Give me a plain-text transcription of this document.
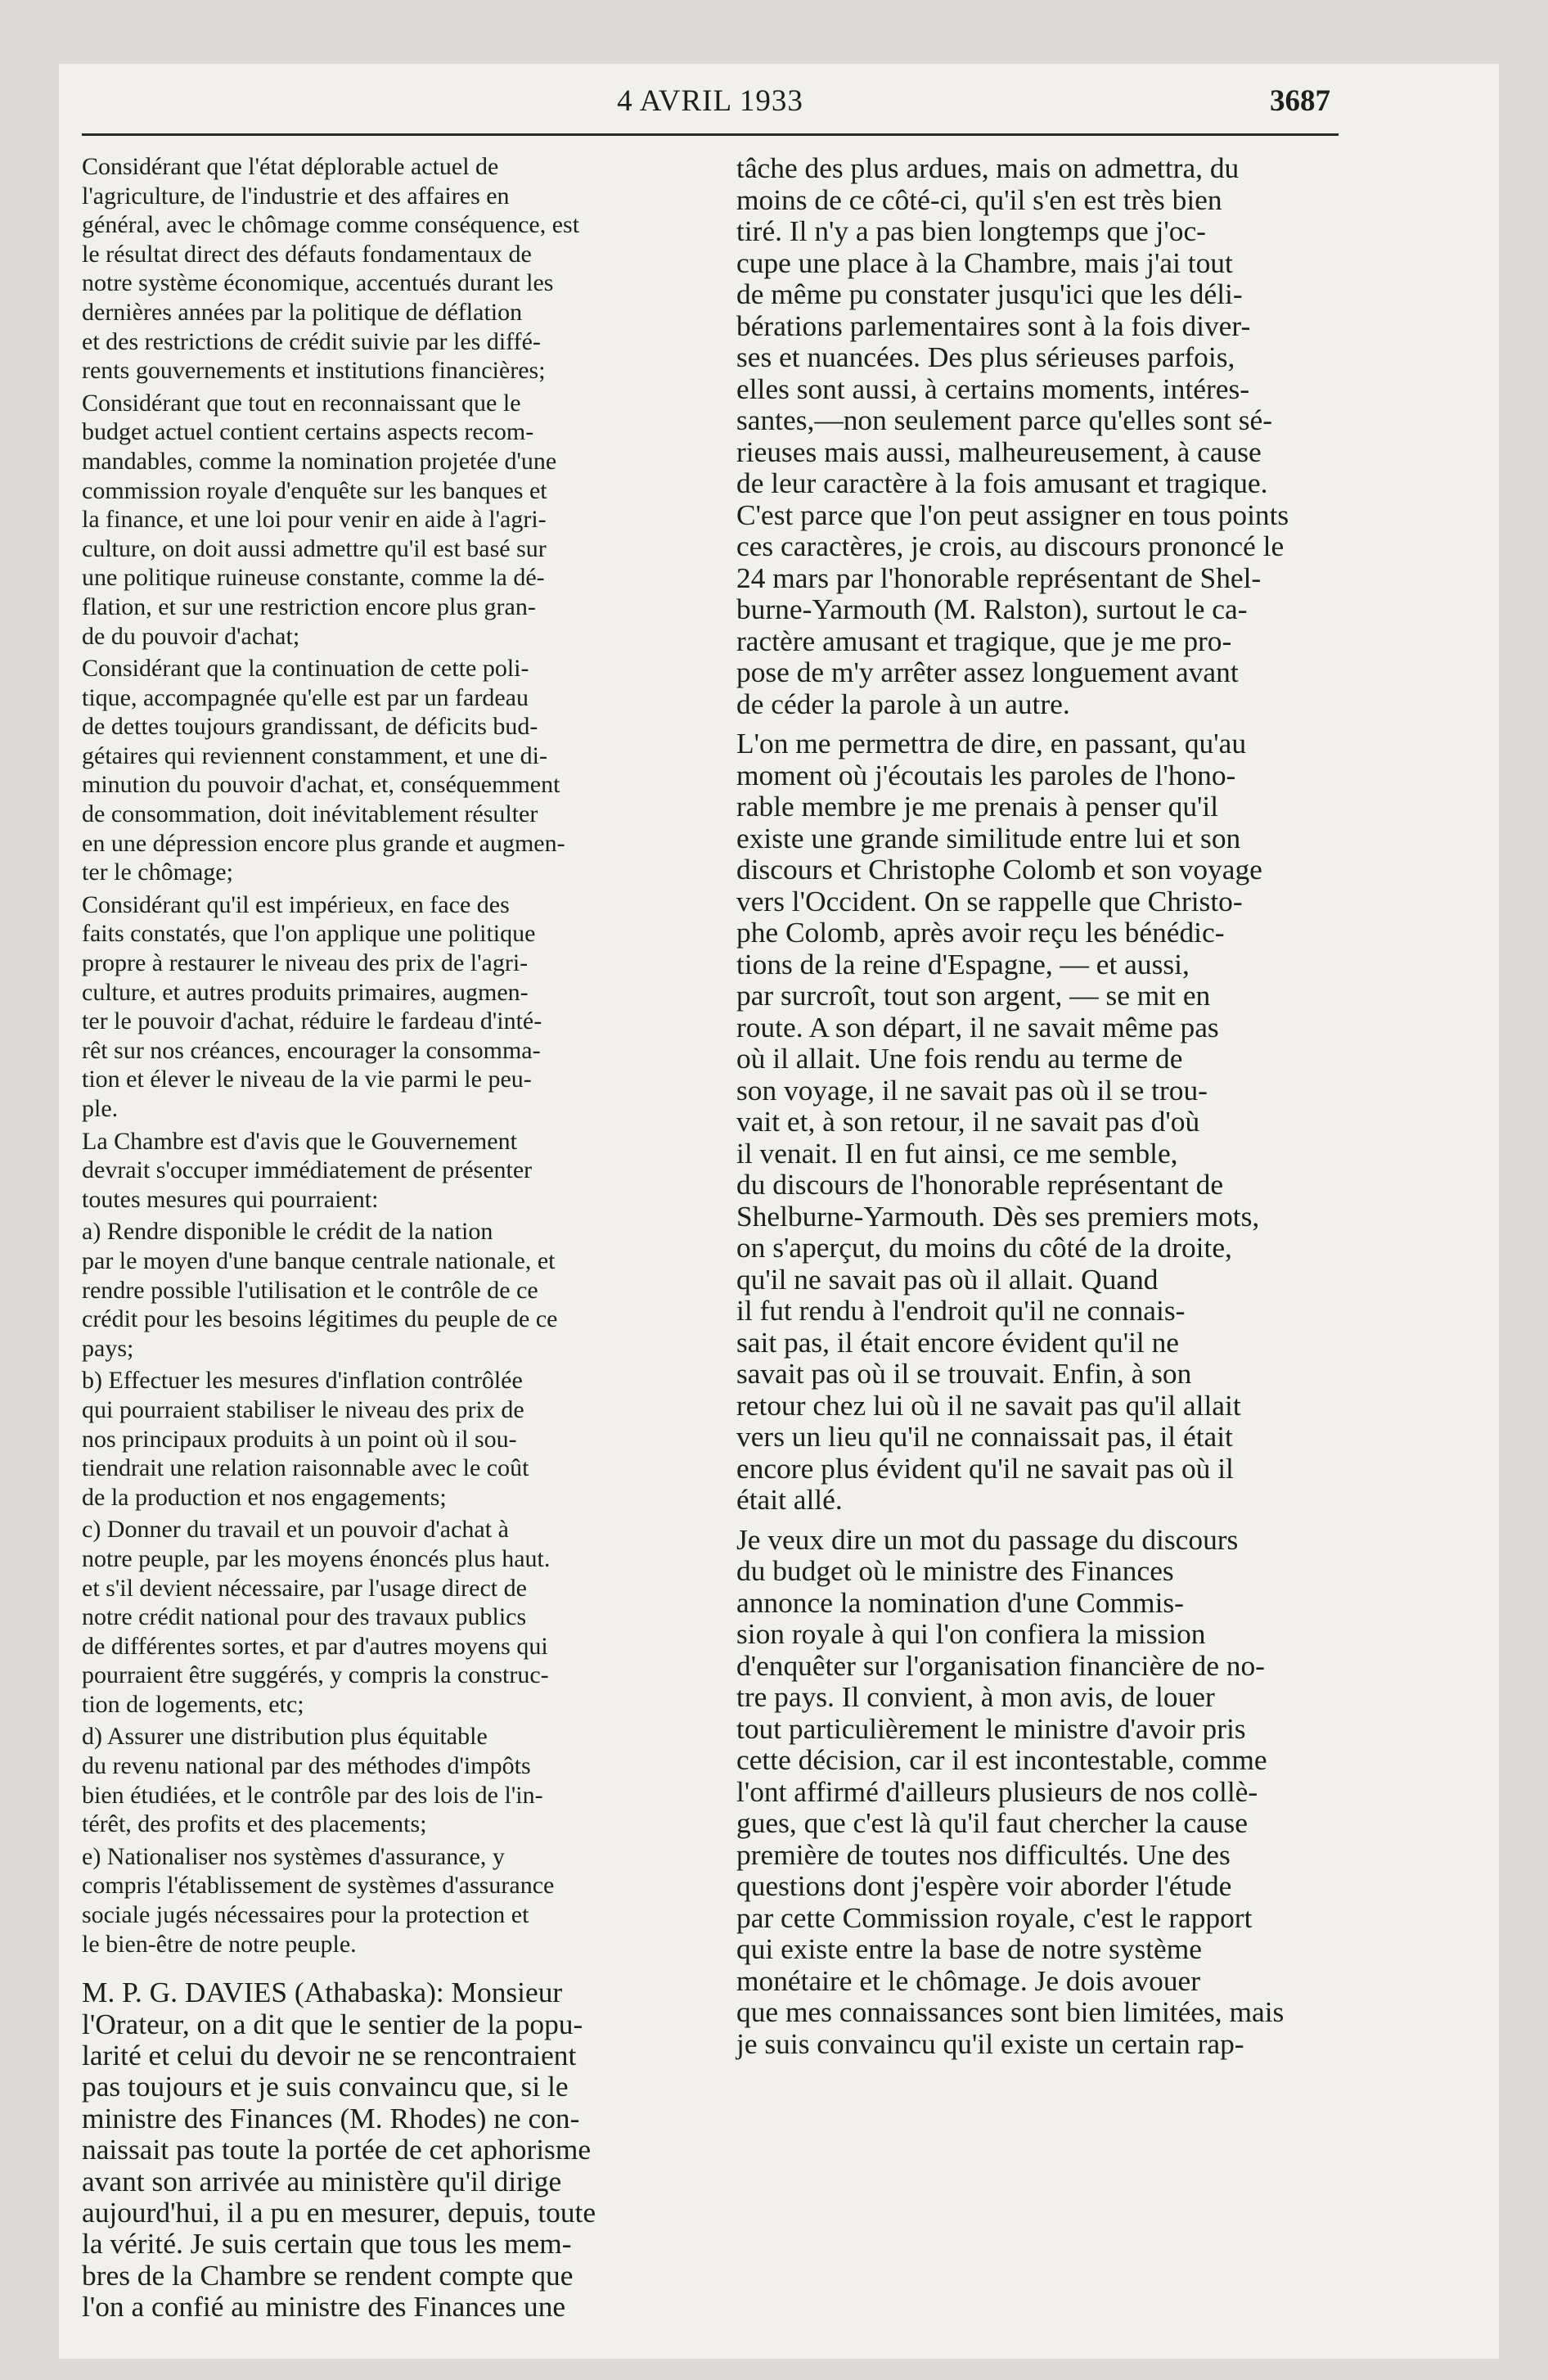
4 AVRIL 1933	3687
Considérant que l'état déplorable actuel de
l'agriculture, de l'industrie et des affaires en
général, avec le chômage comme conséquence, est
le résultat direct des défauts fondamentaux de
notre système économique, accentués durant les
dernières années par la politique de déflation
et des restrictions de crédit suivie par les diffé-
rents gouvernements et institutions financières;
Considérant que tout en reconnaissant que le
budget actuel contient certains aspects recom-
mandables, comme la nomination projetée d'une
commission royale d'enquête sur les banques et
la finance, et une loi pour venir en aide à l'agri-
culture, on doit aussi admettre qu'il est basé sur
une politique ruineuse constante, comme la dé-
flation, et sur une restriction encore plus gran-
de du pouvoir d'achat;
Considérant que la continuation de cette poli-
tique, accompagnée qu'elle est par un fardeau
de dettes toujours grandissant, de déficits bud-
gétaires qui reviennent constamment, et une di-
minution du pouvoir d'achat, et, conséquemment
de consommation, doit inévitablement résulter
en une dépression encore plus grande et augmen-
ter le chômage;
Considérant qu'il est impérieux, en face des
faits constatés, que l'on applique une politique
propre à restaurer le niveau des prix de l'agri-
culture, et autres produits primaires, augmen-
ter le pouvoir d'achat, réduire le fardeau d'inté-
rêt sur nos créances, encourager la consomma-
tion et élever le niveau de la vie parmi le peu-
ple.
La Chambre est d'avis que le Gouvernement
devrait s'occuper immédiatement de présenter
toutes mesures qui pourraient:
a) Rendre disponible le crédit de la nation
par le moyen d'une banque centrale nationale, et
rendre possible l'utilisation et le contrôle de ce
crédit pour les besoins légitimes du peuple de ce
pays;
b) Effectuer les mesures d'inflation contrôlée
qui pourraient stabiliser le niveau des prix de
nos principaux produits à un point où il sou-
tiendrait une relation raisonnable avec le coût
de la production et nos engagements;
c) Donner du travail et un pouvoir d'achat à
notre peuple, par les moyens énoncés plus haut.
et s'il devient nécessaire, par l'usage direct de
notre crédit national pour des travaux publics
de différentes sortes, et par d'autres moyens qui
pourraient être suggérés, y compris la construc-
tion de logements, etc;
d) Assurer une distribution plus équitable
du revenu national par des méthodes d'impôts
bien étudiées, et le contrôle par des lois de l'in-
térêt, des profits et des placements;
e) Nationaliser nos systèmes d'assurance, y
compris l'établissement de systèmes d'assurance
sociale jugés nécessaires pour la protection et
le bien-être de notre peuple.
M. P. G. DAVIES (Athabaska): Monsieur
l'Orateur, on a dit que le sentier de la popu-
larité et celui du devoir ne se rencontraient
pas toujours et je suis convaincu que, si le
ministre des Finances (M. Rhodes) ne con-
naissait pas toute la portée de cet aphorisme
avant son arrivée au ministère qu'il dirige
aujourd'hui, il a pu en mesurer, depuis, toute
la vérité. Je suis certain que tous les mem-
bres de la Chambre se rendent compte que
l'on a confié au ministre des Finances une
tâche des plus ardues, mais on admettra, du
moins de ce côté-ci, qu'il s'en est très bien
tiré. Il n'y a pas bien longtemps que j'oc-
cupe une place à la Chambre, mais j'ai tout
de même pu constater jusqu'ici que les déli-
bérations parlementaires sont à la fois diver-
ses et nuancées. Des plus sérieuses parfois,
elles sont aussi, à certains moments, intéres-
santes,—non seulement parce qu'elles sont sé-
rieuses mais aussi, malheureusement, à cause
de leur caractère à la fois amusant et tragique.
C'est parce que l'on peut assigner en tous points
ces caractères, je crois, au discours prononcé le
24 mars par l'honorable représentant de Shel-
burne-Yarmouth (M. Ralston), surtout le ca-
ractère amusant et tragique, que je me pro-
pose de m'y arrêter assez longuement avant
de céder la parole à un autre.
L'on me permettra de dire, en passant, qu'au
moment où j'écoutais les paroles de l'hono-
rable membre je me prenais à penser qu'il
existe une grande similitude entre lui et son
discours et Christophe Colomb et son voyage
vers l'Occident. On se rappelle que Christo-
phe Colomb, après avoir reçu les bénédic-
tions de la reine d'Espagne, — et aussi,
par surcroît, tout son argent, — se mit en
route. A son départ, il ne savait même pas
où il allait. Une fois rendu au terme de
son voyage, il ne savait pas où il se trou-
vait et, à son retour, il ne savait pas d'où
il venait. Il en fut ainsi, ce me semble,
du discours de l'honorable représentant de
Shelburne-Yarmouth. Dès ses premiers mots,
on s'aperçut, du moins du côté de la droite,
qu'il ne savait pas où il allait. Quand
il fut rendu à l'endroit qu'il ne connais-
sait pas, il était encore évident qu'il ne
savait pas où il se trouvait. Enfin, à son
retour chez lui où il ne savait pas qu'il allait
vers un lieu qu'il ne connaissait pas, il était
encore plus évident qu'il ne savait pas où il
était allé.
Je veux dire un mot du passage du discours
du budget où le ministre des Finances
annonce la nomination d'une Commis-
sion royale à qui l'on confiera la mission
d'enquêter sur l'organisation financière de no-
tre pays. Il convient, à mon avis, de louer
tout particulièrement le ministre d'avoir pris
cette décision, car il est incontestable, comme
l'ont affirmé d'ailleurs plusieurs de nos collè-
gues, que c'est là qu'il faut chercher la cause
première de toutes nos difficultés. Une des
questions dont j'espère voir aborder l'étude
par cette Commission royale, c'est le rapport
qui existe entre la base de notre système
monétaire et le chômage. Je dois avouer
que mes connaissances sont bien limitées, mais
je suis convaincu qu'il existe un certain rap-
